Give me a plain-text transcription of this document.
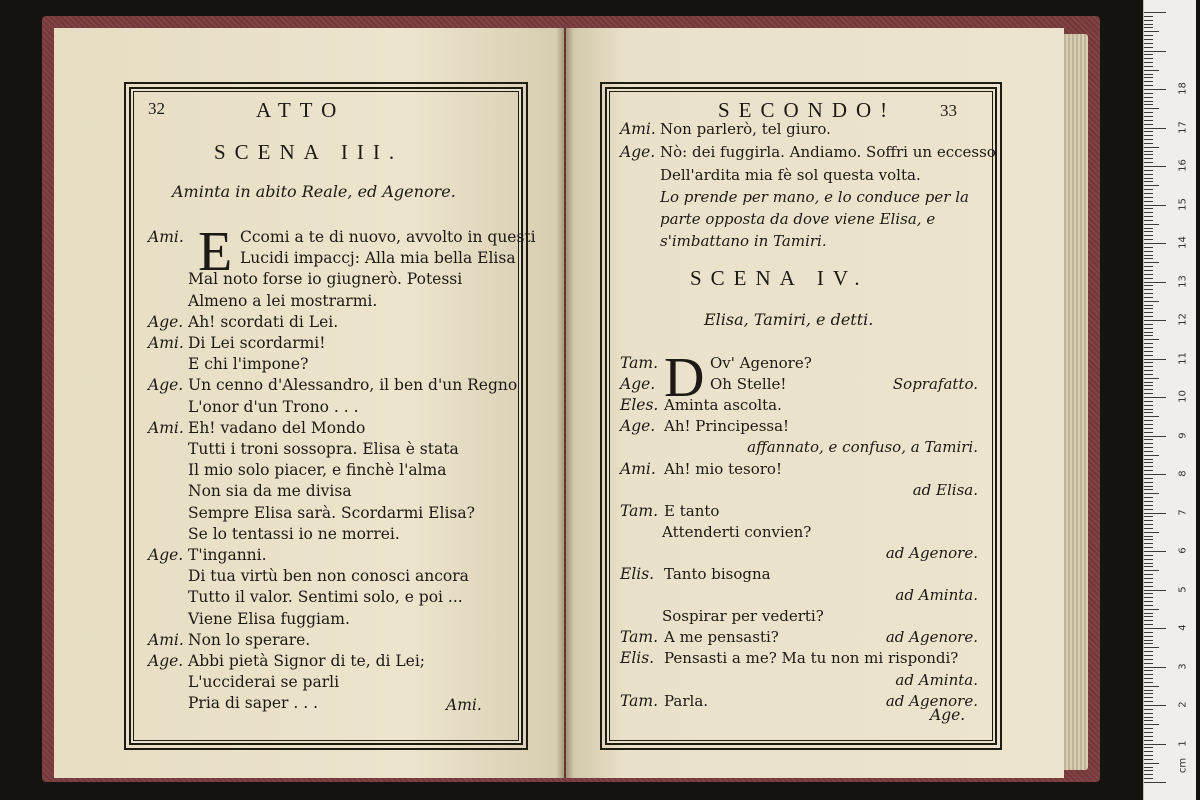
32	ATTO
SCENA III.
Aminta in abito Reale, ed Agenore.
E
Ami.	Ccomi a te di nuovo, avvolto in questi
Lucidi impaccj: Alla mia bella Elisa
Mal noto forse io giugnerò. Potessi
Almeno a lei mostrarmi.
Age. Ah! scordati di Lei.
Ami. Di Lei scordarmi!
E chi l'impone?
Age. Un cenno d'Alessandro, il ben d'un Regno
L'onor d'un Trono . . .
Ami. Eh! vadano del Mondo
Tutti i troni sossopra. Elisa è stata
Il mio solo piacer, e finchè l'alma
Non sia da me divisa
Sempre Elisa sarà. Scordarmi Elisa?
Se lo tentassi io ne morrei.
Age. T'inganni.
Di tua virtù ben non conosci ancora
Tutto il valor. Sentimi solo, e poi ...
Viene Elisa fuggiam.
Ami. Non lo sperare.
Age. Abbi pietà Signor di te, di Lei;
L'ucciderai se parli
Pria di saper . . .	Ami.
SECONDO!	33
Ami. Non parlerò, tel giuro.
Age. Nò: dei fuggirla. Andiamo. Soffri un eccesso
Dell'ardita mia fè sol questa volta.
Lo prende per mano, e lo conduce per la
parte opposta da dove viene Elisa, e
s'imbattano in Tamiri.
SCENA IV.
Elisa, Tamiri, e detti.
D
Tam.	Ov' Agenore?
Age.	Oh Stelle!	Soprafatto.
Eles. Aminta ascolta.
Age. Ah! Principessa!
affannato, e confuso, a Tamiri.
Ami. Ah! mio tesoro!
ad Elisa.
Tam. E tanto
Attenderti convien?
ad Agenore.
Elis. Tanto bisogna
ad Aminta.
Sospirar per vederti?
Tam. A me pensasti?	ad Agenore.
Elis. Pensasti a me? Ma tu non mi rispondi?
ad Aminta.
Tam. Parla.	ad Agenore.
Age.
cm
1
2
3
4
5
6
7
8
9
10
11
12
13
14
15
16
17
18
